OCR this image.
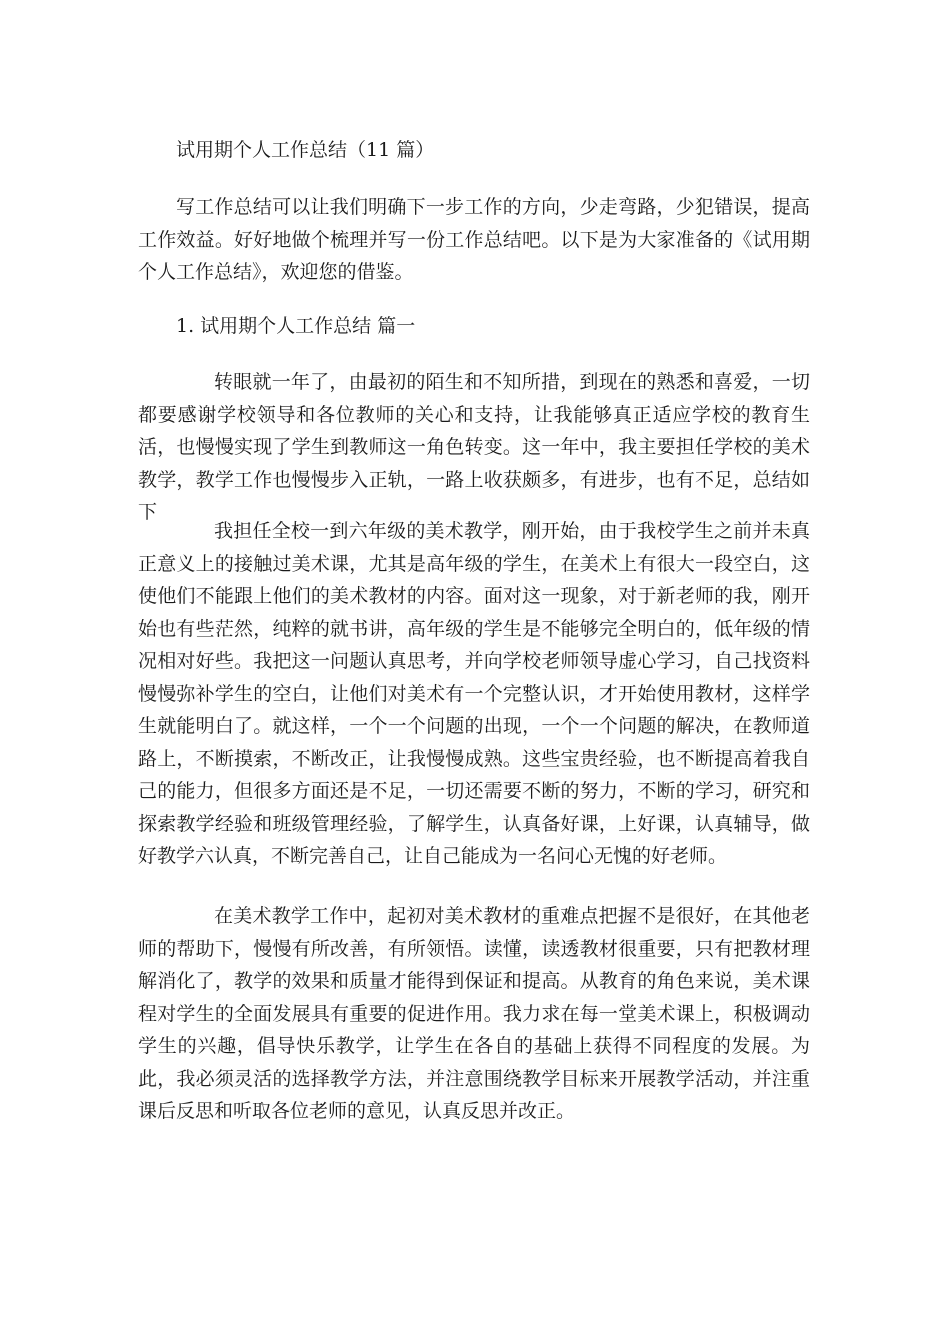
试用期个人工作总结（11 篇）

写工作总结可以让我们明确下一步工作的方向，少走弯路，少犯错误，提高工作效益。好好地做个梳理并写一份工作总结吧。以下是为大家准备的《试用期个人工作总结》，欢迎您的借鉴。

1. 试用期个人工作总结 篇一

转眼就一年了，由最初的陌生和不知所措，到现在的熟悉和喜爱，一切都要感谢学校领导和各位教师的关心和支持，让我能够真正适应学校的教育生活，也慢慢实现了学生到教师这一角色转变。这一年中，我主要担任学校的美术教学，教学工作也慢慢步入正轨，一路上收获颇多，有进步，也有不足，总结如下

我担任全校一到六年级的美术教学，刚开始，由于我校学生之前并未真正意义上的接触过美术课，尤其是高年级的学生，在美术上有很大一段空白，这使他们不能跟上他们的美术教材的内容。面对这一现象，对于新老师的我，刚开始也有些茫然，纯粹的就书讲，高年级的学生是不能够完全明白的，低年级的情况相对好些。我把这一问题认真思考，并向学校老师领导虚心学习，自己找资料慢慢弥补学生的空白，让他们对美术有一个完整认识，才开始使用教材，这样学生就能明白了。就这样，一个一个问题的出现，一个一个问题的解决，在教师道路上，不断摸索，不断改正，让我慢慢成熟。这些宝贵经验，也不断提高着我自己的能力，但很多方面还是不足，一切还需要不断的努力，不断的学习，研究和探索教学经验和班级管理经验，了解学生，认真备好课，上好课，认真辅导，做好教学六认真，不断完善自己，让自己能成为一名问心无愧的好老师。

在美术教学工作中，起初对美术教材的重难点把握不是很好，在其他老师的帮助下，慢慢有所改善，有所领悟。读懂，读透教材很重要，只有把教材理解消化了，教学的效果和质量才能得到保证和提高。从教育的角色来说，美术课程对学生的全面发展具有重要的促进作用。我力求在每一堂美术课上，积极调动学生的兴趣，倡导快乐教学，让学生在各自的基础上获得不同程度的发展。为此，我必须灵活的选择教学方法，并注意围绕教学目标来开展教学活动，并注重课后反思和听取各位老师的意见，认真反思并改正。
